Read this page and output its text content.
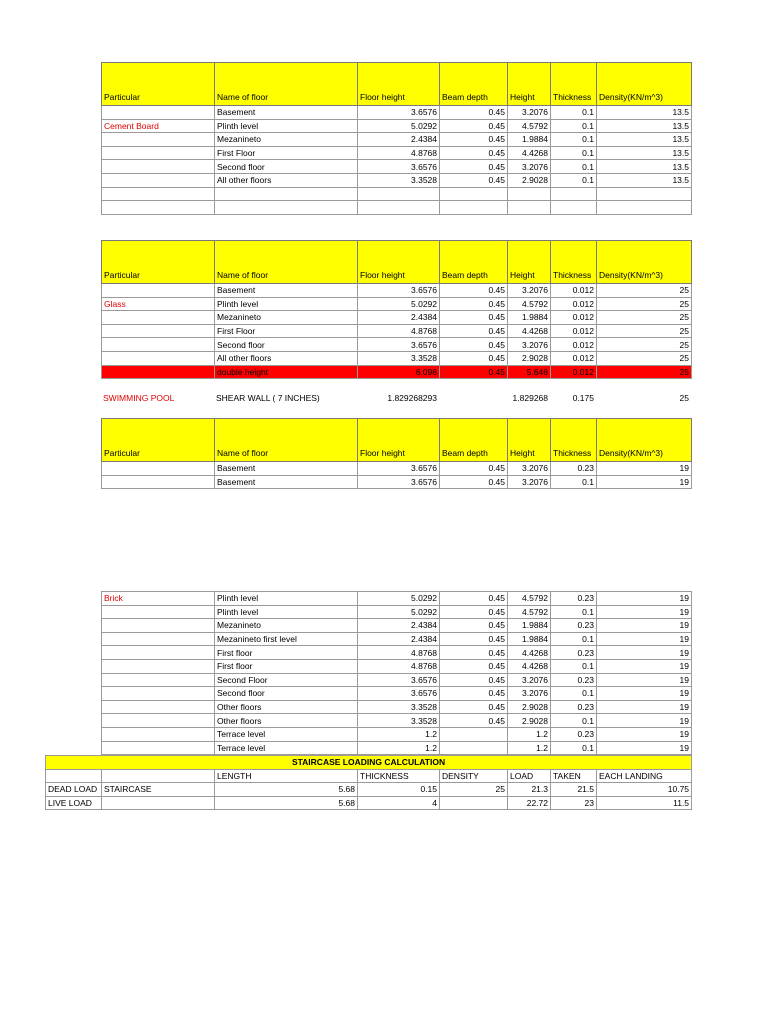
Particular	Name of floor	Floor height	Beam depth	Height	Thickness	Density(KN/m^3)
	Basement	3.6576	0.45	3.2076	0.1	13.5
Cement Board	Plinth level	5.0292	0.45	4.5792	0.1	13.5
	Mezanineto	2.4384	0.45	1.9884	0.1	13.5
	First Floor	4.8768	0.45	4.4268	0.1	13.5
	Second floor	3.6576	0.45	3.2076	0.1	13.5
	All other floors	3.3528	0.45	2.9028	0.1	13.5

Particular	Name of floor	Floor height	Beam depth	Height	Thickness	Density(KN/m^3)
	Basement	3.6576	0.45	3.2076	0.012	25
Glass	Plinth level	5.0292	0.45	4.5792	0.012	25
	Mezanineto	2.4384	0.45	1.9884	0.012	25
	First Floor	4.8768	0.45	4.4268	0.012	25
	Second floor	3.6576	0.45	3.2076	0.012	25
	All other floors	3.3528	0.45	2.9028	0.012	25
	double height	6.096	0.45	5.646	0.012	25
SWIMMING POOL	SHEAR WALL ( 7 INCHES)	1.829268293		1.829268	0.175	25
Particular	Name of floor	Floor height	Beam depth	Height	Thickness	Density(KN/m^3)
	Basement	3.6576	0.45	3.2076	0.23	19
	Basement	3.6576	0.45	3.2076	0.1	19
Brick	Plinth level	5.0292	0.45	4.5792	0.23	19
	Plinth level	5.0292	0.45	4.5792	0.1	19
	Mezanineto	2.4384	0.45	1.9884	0.23	19
	Mezanineto first level	2.4384	0.45	1.9884	0.1	19
	First floor	4.8768	0.45	4.4268	0.23	19
	First floor	4.8768	0.45	4.4268	0.1	19
	Second Floor	3.6576	0.45	3.2076	0.23	19
	Second floor	3.6576	0.45	3.2076	0.1	19
	Other floors	3.3528	0.45	2.9028	0.23	19
	Other floors	3.3528	0.45	2.9028	0.1	19
	Terrace level	1.2		1.2	0.23	19
	Terrace level	1.2		1.2	0.1	19
STAIRCASE LOADING CALCULATION							
		LENGTH	THICKNESS	DENSITY	LOAD	TAKEN	EACH LANDING
DEAD LOAD	STAIRCASE	5.68	0.15	25	21.3	21.5	10.75
LIVE LOAD		5.68	4		22.72	23	11.5
